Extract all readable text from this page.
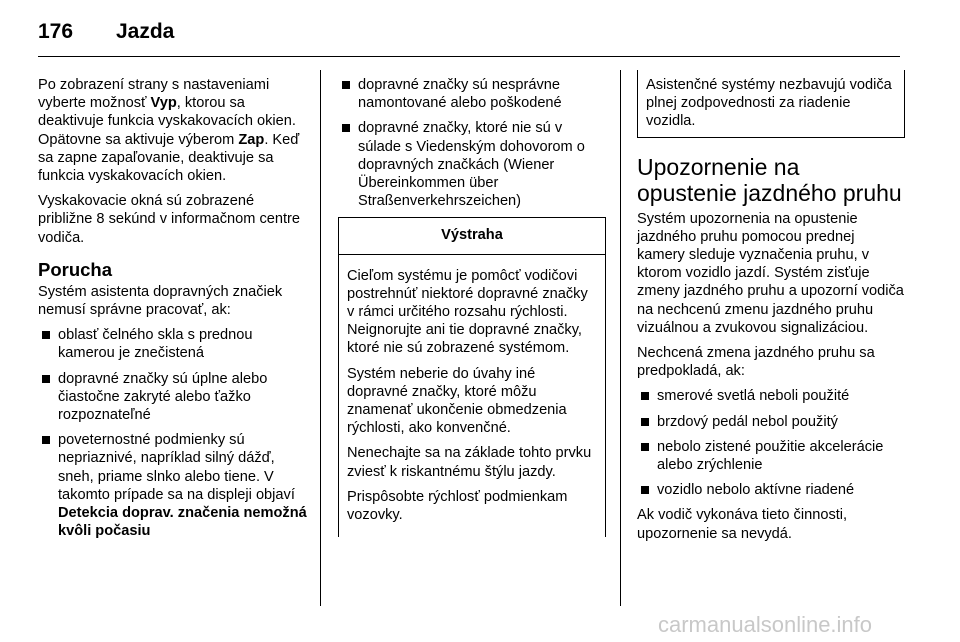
176 Jazda

Po zobrazení strany s nastaveniami vyberte možnosť Vyp, ktorou sa deaktivuje funkcia vyskakovacích okien. Opätovne sa aktivuje výberom Zap. Keď sa zapne zapaľovanie, deaktivuje sa funkcia vyskakovacích okien.

Vyskakovacie okná sú zobrazené približne 8 sekúnd v informačnom centre vodiča.

Porucha

Systém asistenta dopravných značiek nemusí správne pracovať, ak:

oblasť čelného skla s prednou kamerou je znečistená
dopravné značky sú úplne alebo čiastočne zakryté alebo ťažko rozpoznateľné
poveternostné podmienky sú nepriaznivé, napríklad silný dážď, sneh, priame slnko alebo tiene. V takomto prípade sa na displeji objaví Detekcia doprav. značenia nemožná kvôli počasiu
dopravné značky sú nesprávne namontované alebo poškodené
dopravné značky, ktoré nie sú v súlade s Viedenským dohovorom o dopravných značkách (Wiener Übereinkommen über Straßenverkehrszeichen)
Výstraha

Cieľom systému je pomôcť vodičovi postrehnúť niektoré dopravné značky v rámci určitého rozsahu rýchlosti. Neignorujte ani tie dopravné značky, ktoré nie sú zobrazené systémom.

Systém neberie do úvahy iné dopravné značky, ktoré môžu znamenať ukončenie obmedzenia rýchlosti, ako konvenčné.

Nenechajte sa na základe tohto prvku zviesť k riskantnému štýlu jazdy.

Prispôsobte rýchlosť podmienkam vozovky.

Asistenčné systémy nezbavujú vodiča plnej zodpovednosti za riadenie vozidla.
Upozornenie na opustenie jazdného pruhu

Systém upozornenia na opustenie jazdného pruhu pomocou prednej kamery sleduje vyznačenia pruhu, v ktorom vozidlo jazdí. Systém zisťuje zmeny jazdného pruhu a upozorní vodiča na nechcenú zmenu jazdného pruhu vizuálnou a zvukovou signalizáciou.

Nechcená zmena jazdného pruhu sa predpokladá, ak:

smerové svetlá neboli použité
brzdový pedál nebol použitý
nebolo zistené použitie akcelerácie alebo zrýchlenie
vozidlo nebolo aktívne riadené

Ak vodič vykonáva tieto činnosti, upozornenie sa nevydá.

carmanualsonline.info
